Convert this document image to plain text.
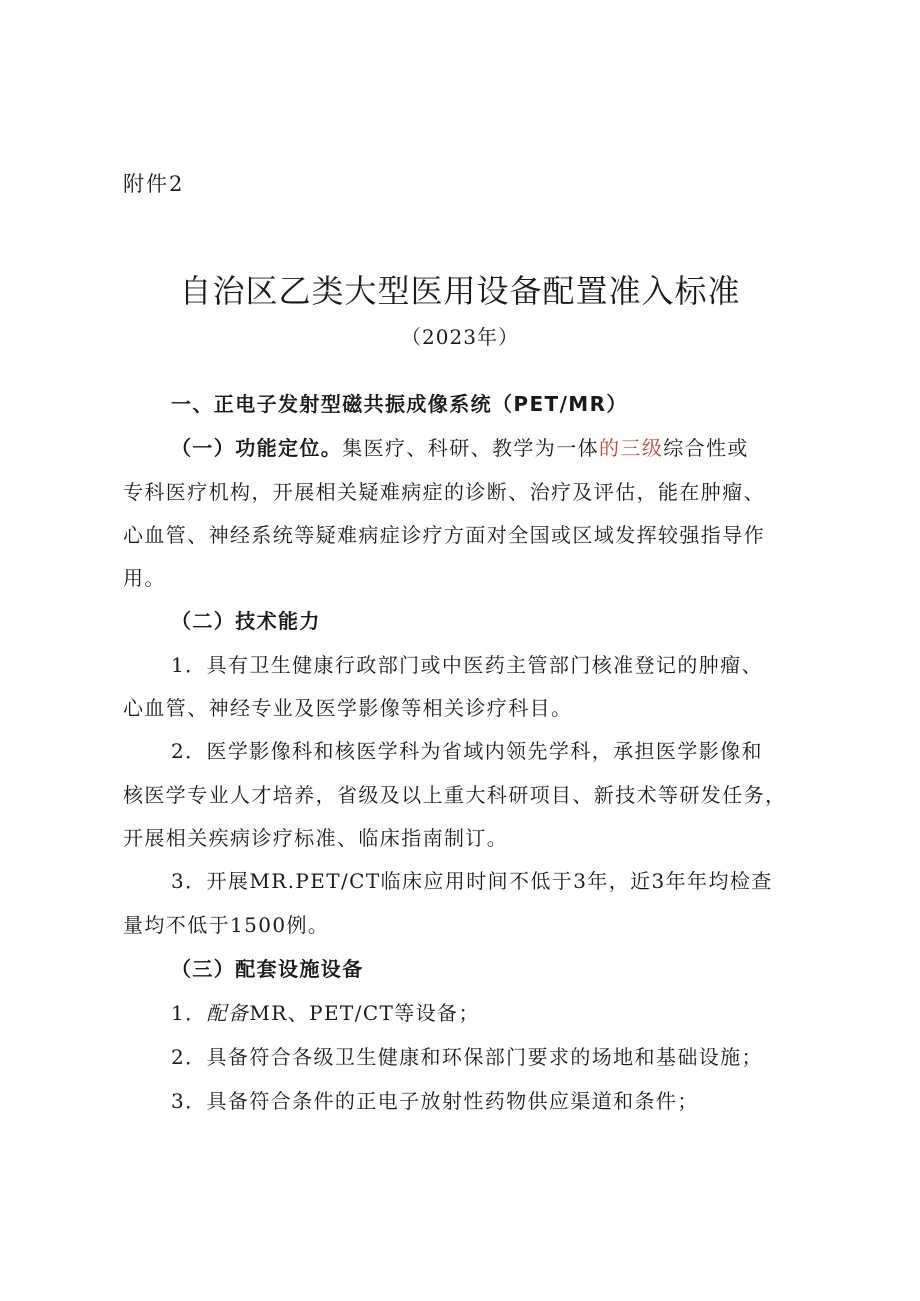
附件2
自治区乙类大型医用设备配置准入标准
（2023年）
一、正电子发射型磁共振成像系统（PET/MR）
（一）功能定位。集医疗、科研、教学为一体的三级综合性或
专科医疗机构，开展相关疑难病症的诊断、治疗及评估，能在肿瘤、
心血管、神经系统等疑难病症诊疗方面对全国或区域发挥较强指导作
用。
（二）技术能力
1．具有卫生健康行政部门或中医药主管部门核准登记的肿瘤、
心血管、神经专业及医学影像等相关诊疗科目。
2．医学影像科和核医学科为省域内领先学科，承担医学影像和
核医学专业人才培养，省级及以上重大科研项目、新技术等研发任务，
开展相关疾病诊疗标准、临床指南制订。
3．开展MR.PET/CT临床应用时间不低于3年，近3年年均检查
量均不低于1500例。
（三）配套设施设备
1．配备MR、PET/CT等设备；
2．具备符合各级卫生健康和环保部门要求的场地和基础设施；
3．具备符合条件的正电子放射性药物供应渠道和条件；
